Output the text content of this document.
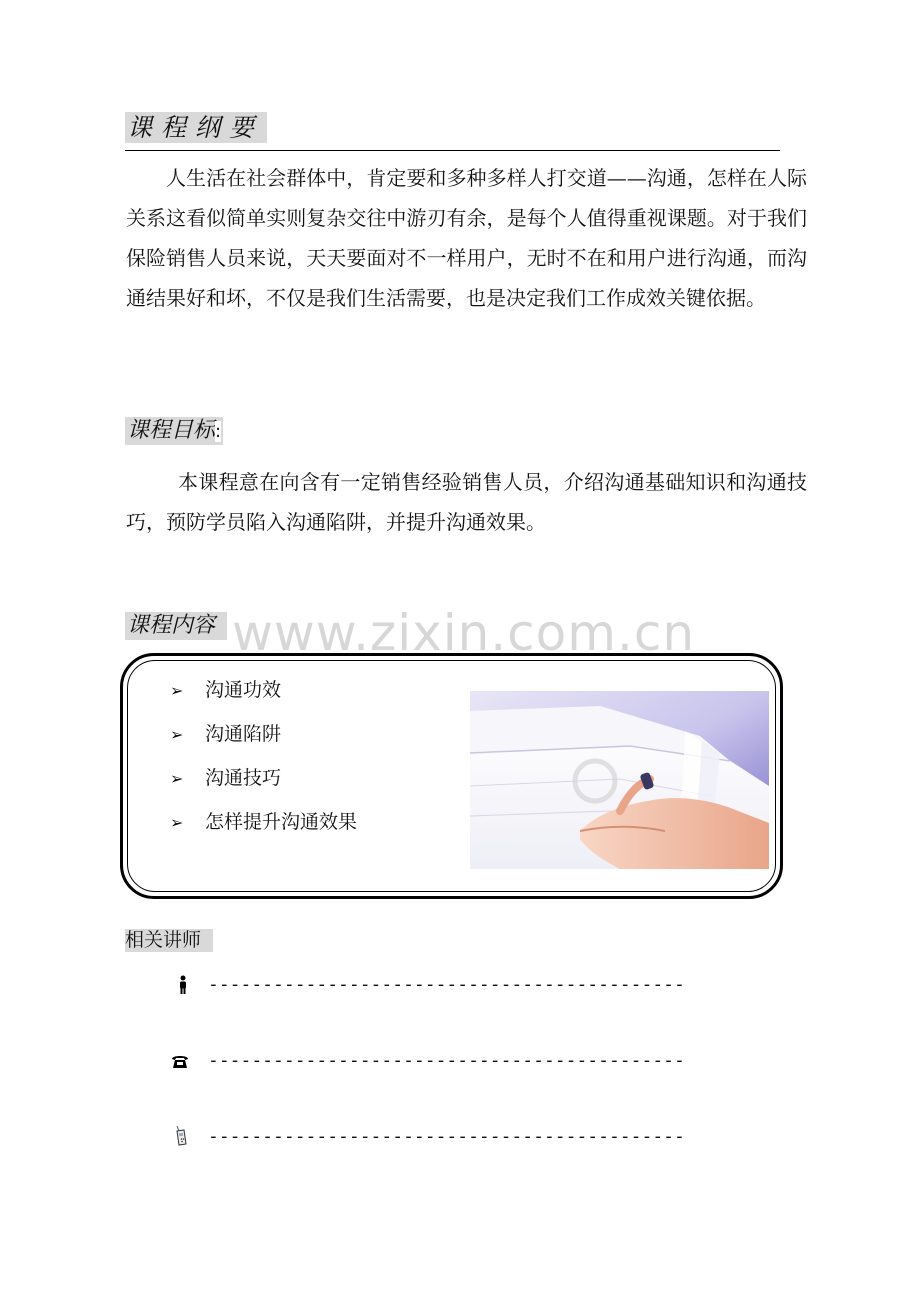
课程纲要

人生活在社会群体中，肯定要和多种多样人打交道——沟通，怎样在人际关系这看似简单实则复杂交往中游刃有余，是每个人值得重视课题。对于我们保险销售人员来说，天天要面对不一样用户，无时不在和用户进行沟通，而沟通结果好和坏，不仅是我们生活需要，也是决定我们工作成效关键依据。

课程目标:

本课程意在向含有一定销售经验销售人员，介绍沟通基础知识和沟通技巧，预防学员陷入沟通陷阱，并提升沟通效果。

www.zixin.com.cn
课程内容
➢ 沟通功效
➢ 沟通陷阱
➢ 沟通技巧
➢ 怎样提升沟通效果
相关讲师
--------------------------------------------
--------------------------------------------
--------------------------------------------
